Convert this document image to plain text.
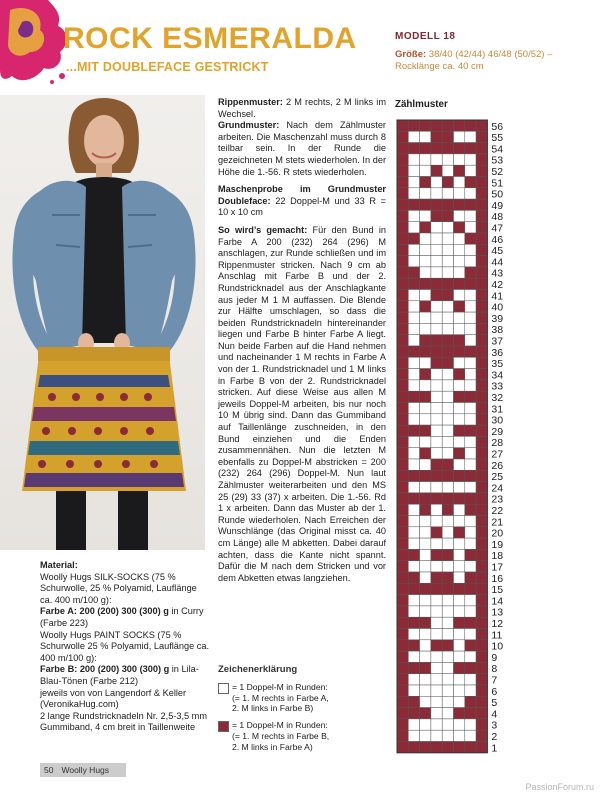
ROCK ESMERALDA
...MIT DOUBLEFACE GESTRICKT
MODELL 18
Größe: 38/40 (42/44) 46/48 (50/52) –
Rocklänge ca. 40 cm

Rippenmuster: 2 M rechts, 2 M links im Wechsel.
Grundmuster: Nach dem Zählmuster arbeiten. Die Maschenzahl muss durch 8 teilbar sein. In der Runde die gezeichneten M stets wiederholen. In der Höhe die 1.-56. R stets wiederholen.

Maschenprobe im Grundmuster Doubleface: 22 Doppel-M und 33 R = 10 x 10 cm

So wird’s gemacht: Für den Bund in Farbe A 200 (232) 264 (296) M anschlagen, zur Runde schließen und im Rippenmuster stricken. Nach 9 cm ab Anschlag mit Farbe B und der 2. Rundstricknadel aus der Anschlagkante aus jeder M 1 M auffassen. Die Blende zur Hälfte umschlagen, so dass die beiden Rundstricknadeln hintereinander liegen und Farbe B hinter Farbe A liegt. Nun beide Farben auf die Hand nehmen und nacheinander 1 M rechts in Farbe A von der 1. Rundstricknadel und 1 M links in Farbe B von der 2. Rundstricknadel stricken. Auf diese Weise aus allen M jeweils Doppel-M arbeiten, bis nur noch 10 M übrig sind. Dann das Gummiband auf Taillenlänge zuschneiden, in den Bund einziehen und die Enden zusammennähen. Nun die letzten M ebenfalls zu Doppel-M abstricken = 200 (232) 264 (296) Doppel-M. Nun laut Zählmuster weiterarbeiten und den MS 25 (29) 33 (37) x arbeiten. Die 1.-56. Rd 1 x arbeiten. Dann das Muster ab der 1. Runde wiederholen. Nach Erreichen der Wunschlänge (das Original misst ca. 40 cm Länge) alle M abketten. Dabei darauf achten, dass die Kante nicht spannt. Dafür die M nach dem Stricken und vor dem Abketten etwas langziehen.

Material:
Woolly Hugs SILK-SOCKS (75 % Schurwolle, 25 % Polyamid, Lauflänge ca. 400 m/100 g):
Farbe A: 200 (200) 300 (300) g in Curry (Farbe 223)
Woolly Hugs PAINT SOCKS (75 % Schurwolle 25 % Polyamid, Lauflänge ca. 400 m/100 g):
Farbe B: 200 (200) 300 (300) g in Lila-Blau-Tönen (Farbe 212)
jeweils von von Langendorf & Keller (VeronikaHug.com)
2 lange Rundstricknadeln Nr. 2,5-3,5 mm
Gummiband, 4 cm breit in Taillenweite
Zeichenerklärung
= 1 Doppel-M in Runden:
(= 1. M rechts in Farbe A,
2. M links in Farbe B)
= 1 Doppel-M in Runden:
(= 1. M rechts in Farbe B,
2. M links in Farbe A)
Zählmuster
56
55
54
53
52
51
50
49
48
47
46
45
44
43
42
41
40
39
38
37
36
35
34
33
32
31
30
29
28
27
26
25
24
23
22
21
20
19
18
17
16
15
14
13
12
11
10
9
8
7
6
5
4
3
2
1
50 Woolly Hugs
PassionForum.ru
